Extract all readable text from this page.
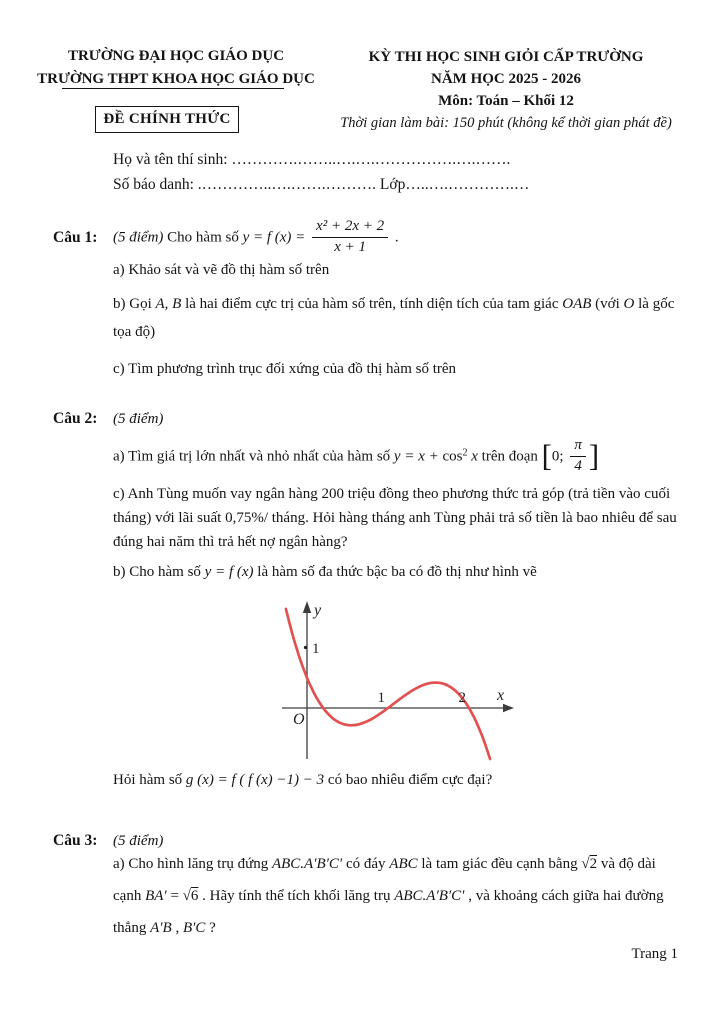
TRƯỜNG ĐẠI HỌC GIÁO DỤC
TRƯỜNG THPT KHOA HỌC GIÁO DỤC
KỲ THI HỌC SINH GIỎI CẤP TRƯỜNG
NĂM HỌC 2025 - 2026
Môn: Toán – Khối 12
Thời gian làm bài: 150 phút (không kể thời gian phát đề)
ĐỀ CHÍNH THỨC
Họ và tên thí sinh: ………….……..….….…………….….…….
Số báo danh: .…………..….…….………. Lớp…..….………….…
Câu 1:	(5 điểm) Cho hàm số y = f $(x) = \frac{\text{x² + 2x + 2}}{x + 1}$ .
a) Khảo sát và vẽ đồ thị hàm số trên
b) Gọi A, B là hai điểm cực trị của hàm số trên, tính diện tích của tam giác OAB (với O là gốc
tọa độ)
c) Tìm phương trình trục đối xứng của đồ thị hàm số trên
Câu 2:	(5 điểm)
a) Tìm giá trị lớn nhất và nhỏ nhất của hàm số $y = x + \cos^2 x$ trên đoạn [0; $\frac{\pi}{4}$ ]
c) Anh Tùng muốn vay ngân hàng 200 triệu đồng theo phương thức trả góp (trả tiền vào cuối
tháng) với lãi suất 0,75%/ tháng. Hỏi hàng tháng anh Tùng phải trả số tiền là bao nhiêu để sau
đúng hai năm thì trả hết nợ ngân hàng?
b) Cho hàm số y = f (x) là hàm số đa thức bậc ba có đồ thị như hình vẽ
1	2
1
x
y
O
Hỏi hàm số g (x) = f ( f (x) −1) − 3 có bao nhiêu điểm cực đại?
Câu 3:	(5 điểm)
a) Cho hình lăng trụ đứng ABC.A′B′C′ có đáy ABC là tam giác đều cạnh bằng √2 và độ dài
cạnh BA′ = √6 . Hãy tính thể tích khối lăng trụ ABC.A′B′C′ , và khoảng cách giữa hai đường
thẳng A′B , B′C ?
Trang 1
